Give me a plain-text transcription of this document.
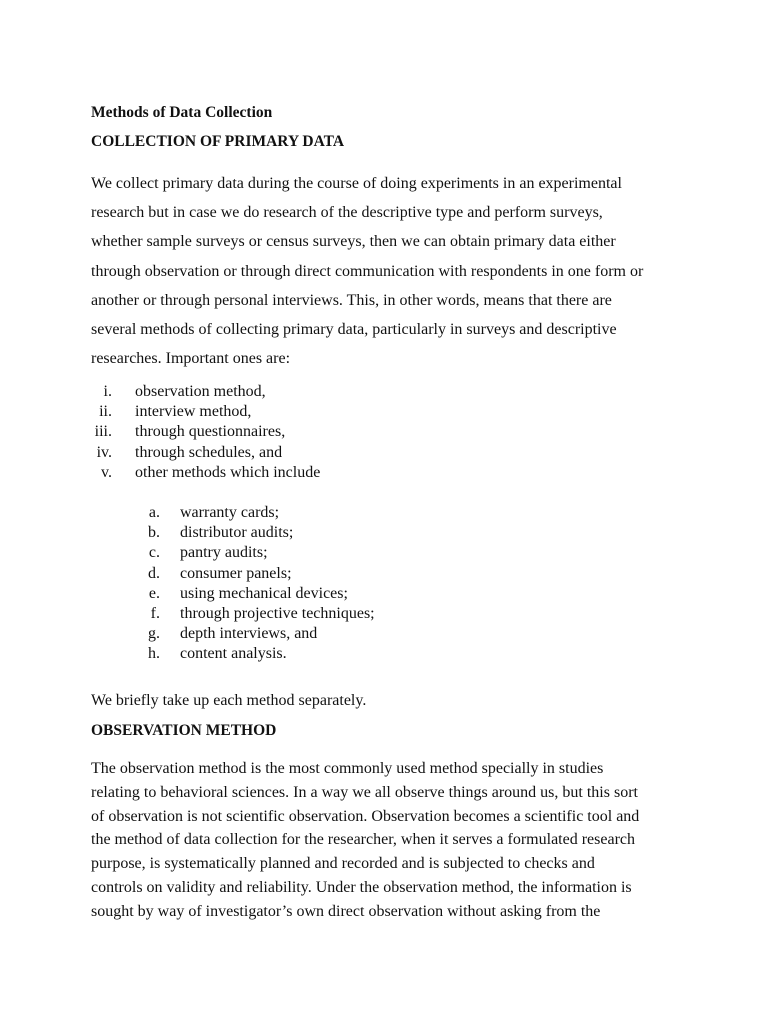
Methods of Data Collection
COLLECTION OF PRIMARY DATA
We collect primary data during the course of doing experiments in an experimental
research but in case we do research of the descriptive type and perform surveys,
whether sample surveys or census surveys, then we can obtain primary data either
through observation or through direct communication with respondents in one form or
another or through personal interviews. This, in other words, means that there are
several methods of collecting primary data, particularly in surveys and descriptive
researches. Important ones are:
i. observation method,
ii. interview method,
iii. through questionnaires,
iv. through schedules, and
v. other methods which include
a. warranty cards;
b. distributor audits;
c. pantry audits;
d. consumer panels;
e. using mechanical devices;
f. through projective techniques;
g. depth interviews, and
h. content analysis.
We briefly take up each method separately.
OBSERVATION METHOD
The observation method is the most commonly used method specially in studies
relating to behavioral sciences. In a way we all observe things around us, but this sort
of observation is not scientific observation. Observation becomes a scientific tool and
the method of data collection for the researcher, when it serves a formulated research
purpose, is systematically planned and recorded and is subjected to checks and
controls on validity and reliability. Under the observation method, the information is
sought by way of investigator’s own direct observation without asking from the
